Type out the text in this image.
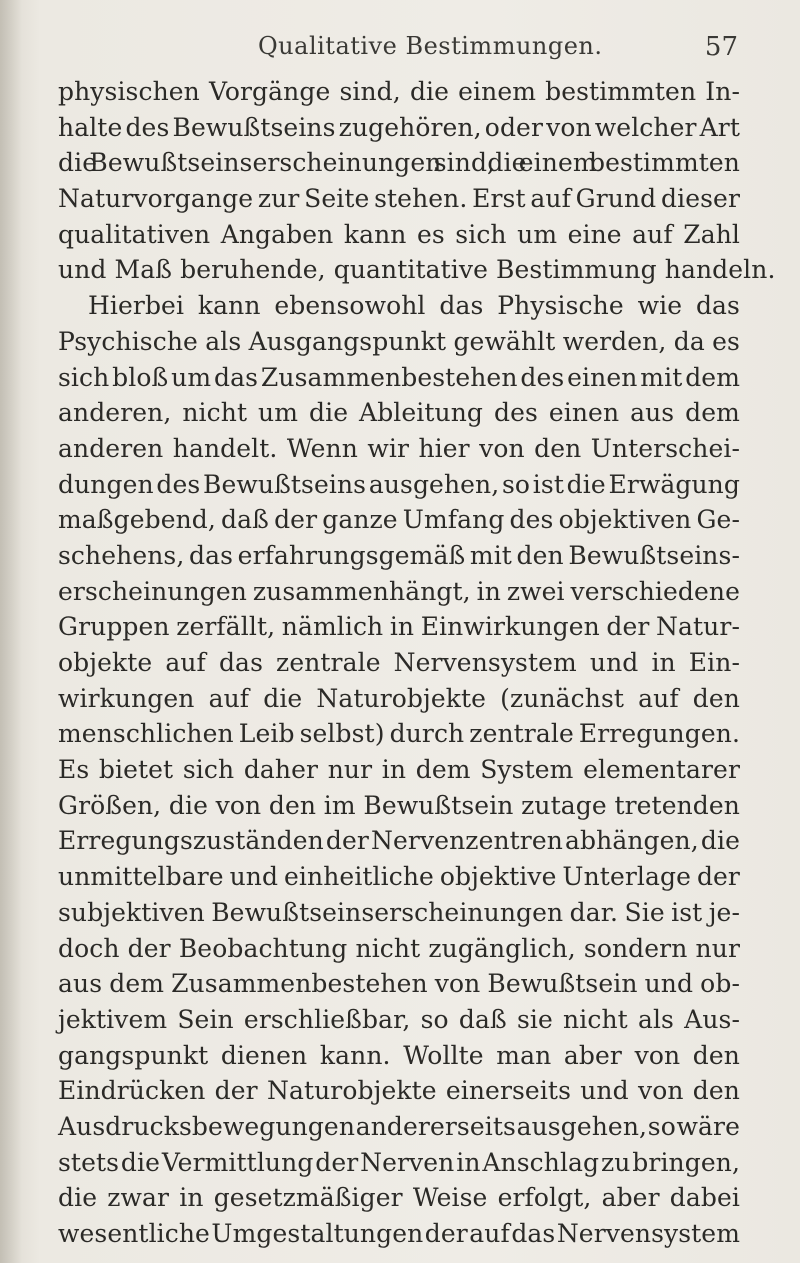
Qualitative Bestimmungen.	57
physischen Vorgänge sind, die einem bestimmten In-
halte des Bewußtseins zugehören, oder von welcher Art
die Bewußtseinserscheinungen sind, die einem bestimmten
Naturvorgange zur Seite stehen. Erst auf Grund dieser
qualitativen Angaben kann es sich um eine auf Zahl
und Maß beruhende, quantitative Bestimmung handeln.
Hierbei kann ebensowohl das Physische wie das
Psychische als Ausgangspunkt gewählt werden, da es
sich bloß um das Zusammenbestehen des einen mit dem
anderen, nicht um die Ableitung des einen aus dem
anderen handelt. Wenn wir hier von den Unterschei-
dungen des Bewußtseins ausgehen, so ist die Erwägung
maßgebend, daß der ganze Umfang des objektiven Ge-
schehens, das erfahrungsgemäß mit den Bewußtseins-
erscheinungen zusammenhängt, in zwei verschiedene
Gruppen zerfällt, nämlich in Einwirkungen der Natur-
objekte auf das zentrale Nervensystem und in Ein-
wirkungen auf die Naturobjekte (zunächst auf den
menschlichen Leib selbst) durch zentrale Erregungen.
Es bietet sich daher nur in dem System elementarer
Größen, die von den im Bewußtsein zutage tretenden
Erregungszuständen der Nervenzentren abhängen, die
unmittelbare und einheitliche objektive Unterlage der
subjektiven Bewußtseinserscheinungen dar. Sie ist je-
doch der Beobachtung nicht zugänglich, sondern nur
aus dem Zusammenbestehen von Bewußtsein und ob-
jektivem Sein erschließbar, so daß sie nicht als Aus-
gangspunkt dienen kann. Wollte man aber von den
Eindrücken der Naturobjekte einerseits und von den
Ausdrucksbewegungen andererseits ausgehen, so wäre
stets die Vermittlung der Nerven in Anschlag zu bringen,
die zwar in gesetzmäßiger Weise erfolgt, aber dabei
wesentliche Umgestaltungen der auf das Nervensystem
